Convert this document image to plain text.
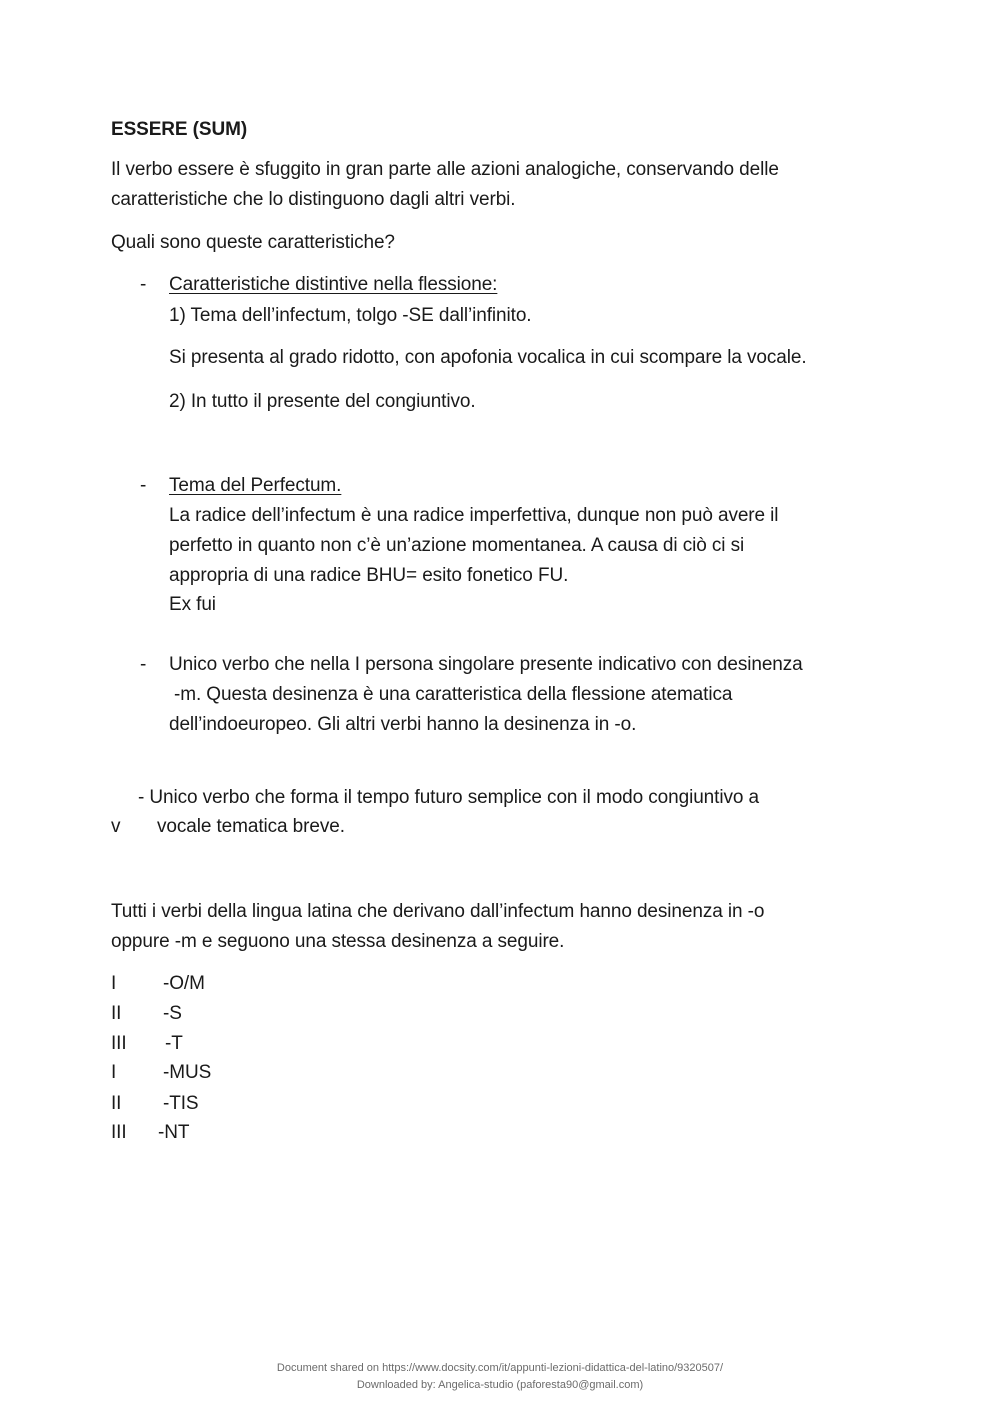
ESSERE (SUM)
Il verbo essere è sfuggito in gran parte alle azioni analogiche, conservando delle
caratteristiche che lo distinguono dagli altri verbi.
Quali sono queste caratteristiche?
- Caratteristiche distintive nella flessione:
1) Tema dell’infectum, tolgo -SE dall’infinito.
Si presenta al grado ridotto, con apofonia vocalica in cui scompare la vocale.
2) In tutto il presente del congiuntivo.
- Tema del Perfectum.
La radice dell’infectum è una radice imperfettiva, dunque non può avere il
perfetto in quanto non c’è un’azione momentanea. A causa di ciò ci si
appropria di una radice BHU= esito fonetico FU.
Ex fui
- Unico verbo che nella I persona singolare presente indicativo con desinenza
-m. Questa desinenza è una caratteristica della flessione atematica
dell’indoeuropeo. Gli altri verbi hanno la desinenza in -o.
- Unico verbo che forma il tempo futuro semplice con il modo congiuntivo a
v vocale tematica breve.
Tutti i verbi della lingua latina che derivano dall’infectum hanno desinenza in -o
oppure -m e seguono una stessa desinenza a seguire.
I -O/M
II -S
III -T
I -MUS
II -TIS
III -NT
Document shared on https://www.docsity.com/it/appunti-lezioni-didattica-del-latino/9320507/
Downloaded by: Angelica-studio (paforesta90@gmail.com)
